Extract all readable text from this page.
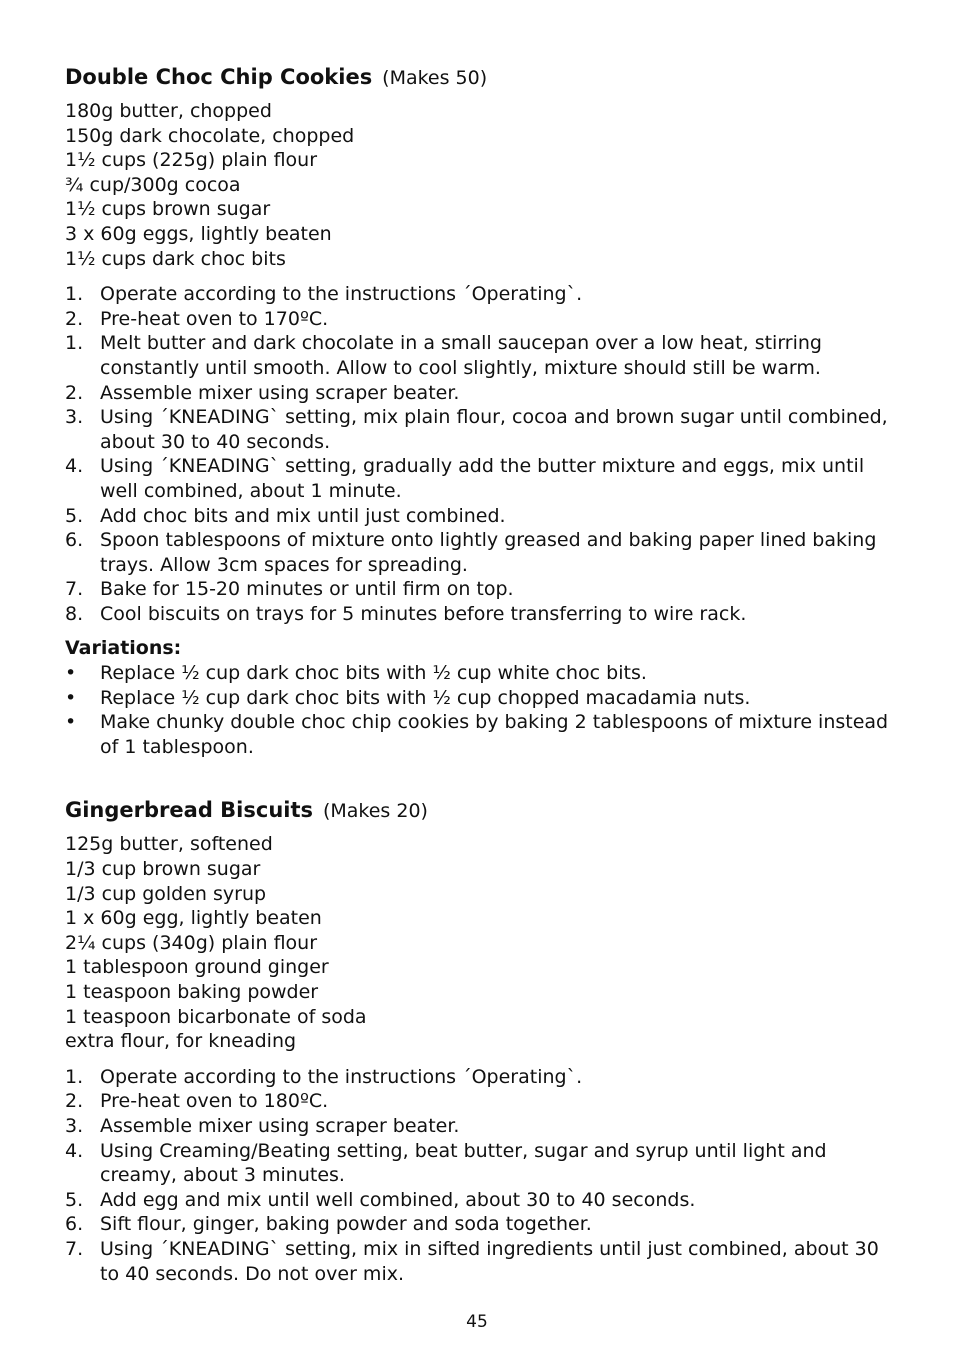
Double Choc Chip Cookies (Makes 50)
180g butter, chopped
150g dark chocolate, chopped
1½ cups (225g) plain flour
¾ cup/300g cocoa
1½ cups brown sugar
3 x 60g eggs, lightly beaten
1½ cups dark choc bits
1. Operate according to the instructions ´Operating`.
2. Pre-heat oven to 170ºC.
1. Melt butter and dark chocolate in a small saucepan over a low heat, stirring constantly until smooth. Allow to cool slightly, mixture should still be warm.
2. Assemble mixer using scraper beater.
3. Using ´KNEADING` setting, mix plain flour, cocoa and brown sugar until combined, about 30 to 40 seconds.
4. Using ´KNEADING` setting, gradually add the butter mixture and eggs, mix until well combined, about 1 minute.
5. Add choc bits and mix until just combined.
6. Spoon tablespoons of mixture onto lightly greased and baking paper lined baking trays. Allow 3cm spaces for spreading.
7. Bake for 15-20 minutes or until firm on top.
8. Cool biscuits on trays for 5 minutes before transferring to wire rack.
Variations:
• Replace ½ cup dark choc bits with ½ cup white choc bits.
• Replace ½ cup dark choc bits with ½ cup chopped macadamia nuts.
• Make chunky double choc chip cookies by baking 2 tablespoons of mixture instead of 1 tablespoon.
Gingerbread Biscuits (Makes 20)
125g butter, softened
1/3 cup brown sugar
1/3 cup golden syrup
1 x 60g egg, lightly beaten
2¼ cups (340g) plain flour
1 tablespoon ground ginger
1 teaspoon baking powder
1 teaspoon bicarbonate of soda
extra flour, for kneading
1. Operate according to the instructions ´Operating`.
2. Pre-heat oven to 180ºC.
3. Assemble mixer using scraper beater.
4. Using Creaming/Beating setting, beat butter, sugar and syrup until light and creamy, about 3 minutes.
5. Add egg and mix until well combined, about 30 to 40 seconds.
6. Sift flour, ginger, baking powder and soda together.
7. Using ´KNEADING` setting, mix in sifted ingredients until just combined, about 30 to 40 seconds. Do not over mix.
45
